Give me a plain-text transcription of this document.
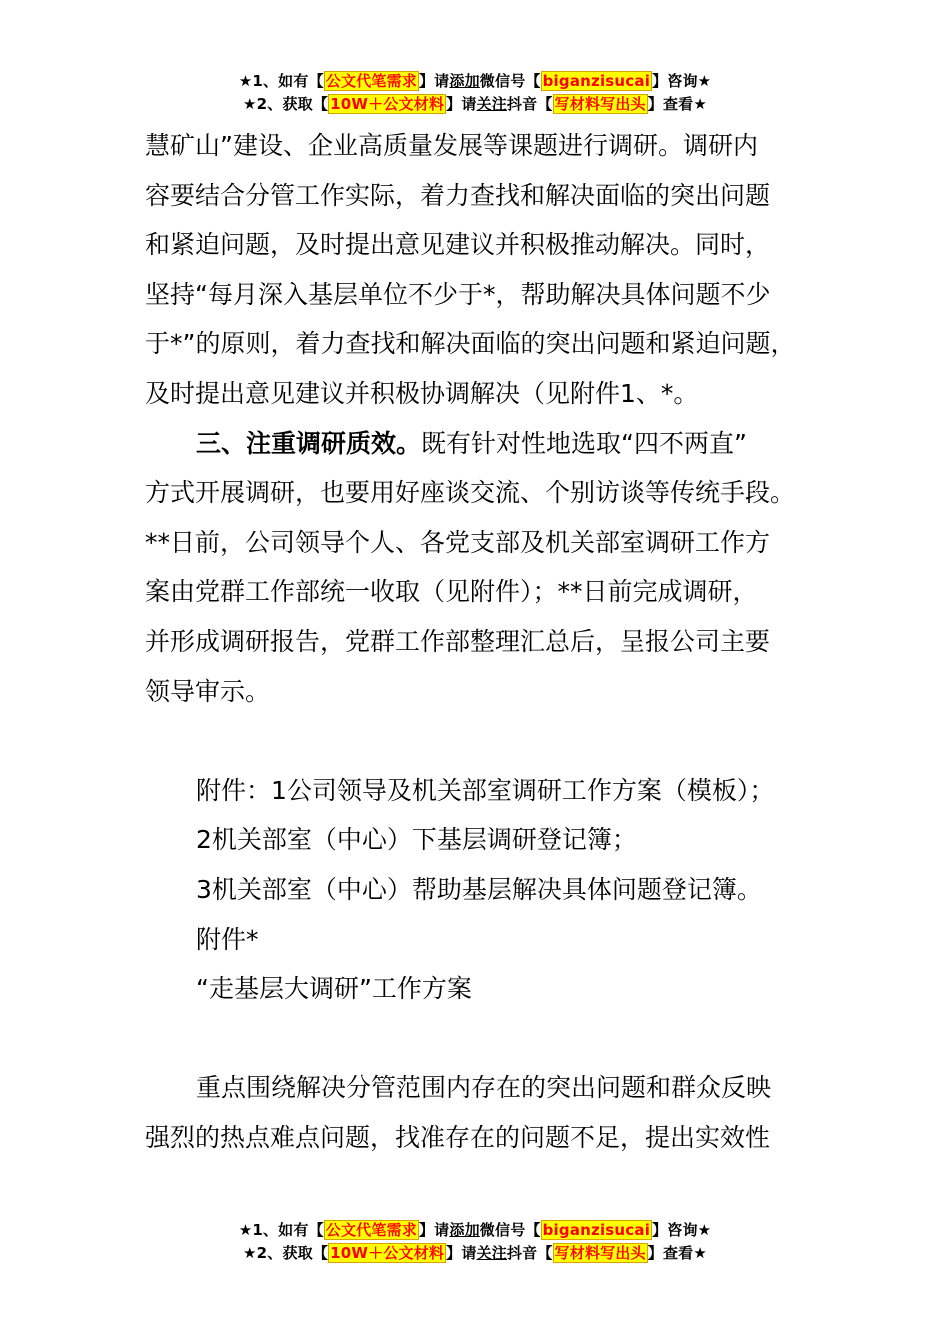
★1、如有【 公文代笔需求 】请添加微信号【 biganzisucai 】咨询★
★2、获取【 10W＋公文材料 】请关注抖音【 写材料写出头 】查看★

慧矿山”建设、企业高质量发展等课题进行调研。调研内

容要结合分管工作实际，着力查找和解决面临的突出问题

和紧迫问题，及时提出意见建议并积极推动解决。同时，

坚持“每月深入基层单位不少于*，帮助解决具体问题不少

于*”的原则，着力查找和解决面临的突出问题和紧迫问题，

及时提出意见建议并积极协调解决（见附件1、*。

三、注重调研质效。既有针对性地选取“四不两直”

方式开展调研，也要用好座谈交流、个别访谈等传统手段。

**日前，公司领导个人、各党支部及机关部室调研工作方

案由党群工作部统一收取（见附件）；**日前完成调研，

并形成调研报告，党群工作部整理汇总后，呈报公司主要

领导审示。

附件：1公司领导及机关部室调研工作方案（模板）；

2机关部室（中心）下基层调研登记簿；

3机关部室（中心）帮助基层解决具体问题登记簿。

附件*

“走基层大调研”工作方案

重点围绕解决分管范围内存在的突出问题和群众反映

强烈的热点难点问题，找准存在的问题不足，提出实效性

★1、如有【 公文代笔需求 】请添加微信号【 biganzisucai 】咨询★
★2、获取【 10W＋公文材料 】请关注抖音【 写材料写出头 】查看★
